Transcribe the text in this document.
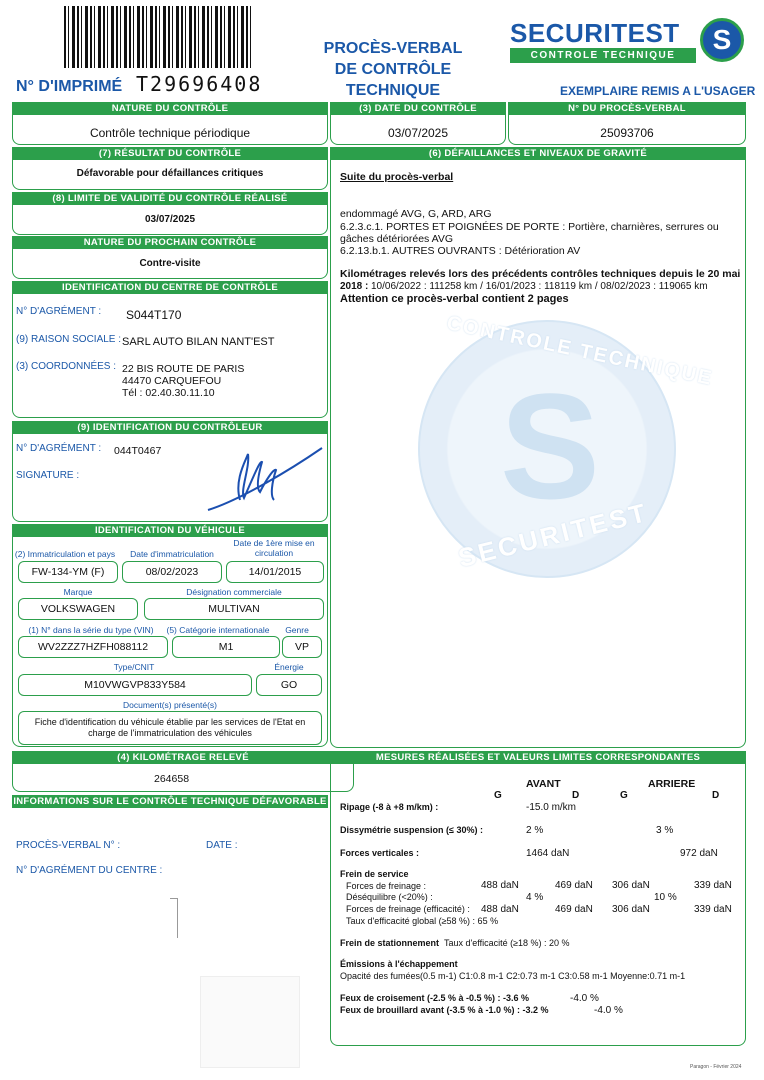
N° D'IMPRIMÉ T29696408
PROCÈS-VERBAL
DE CONTRÔLE TECHNIQUE
SECURITEST
CONTROLE TECHNIQUE
S
EXEMPLAIRE REMIS A L'USAGER
NATURE DU CONTRÔLE
Contrôle technique périodique
(3) DATE DU CONTRÔLE
03/07/2025
N° DU PROCÈS-VERBAL
25093706
(7) RÉSULTAT DU CONTRÔLE
Défavorable pour défaillances critiques
(8) LIMITE DE VALIDITÉ DU CONTRÔLE RÉALISÉ
03/07/2025
NATURE DU PROCHAIN CONTRÔLE
Contre-visite
IDENTIFICATION DU CENTRE DE CONTRÔLE
N° D'AGRÉMENT : S044T170
(9) RAISON SOCIALE : SARL AUTO BILAN NANT'EST
(3) COORDONNÉES : 22 BIS ROUTE DE PARIS
44470 CARQUEFOU
Tél : 02.40.30.11.10
(9) IDENTIFICATION DU CONTRÔLEUR
N° D'AGRÉMENT : 044T0467
SIGNATURE :
IDENTIFICATION DU VÉHICULE
(2) Immatriculation et pays	Date d'immatriculation
Date de 1ère mise en circulation
FW-134-YM (F)	08/02/2023	14/01/2015
Marque	Désignation commerciale
VOLKSWAGEN	MULTIVAN
(1) N° dans la série du type (VIN)	(5) Catégorie internationale	Genre
WV2ZZZ7HZFH088112	M1	VP
Type/CNIT	Énergie
M10VWGVP833Y584	GO
Document(s) présenté(s)
Fiche d'identification du véhicule établie par les services de l'Etat en charge de l'immatriculation des véhicules
(4) KILOMÉTRAGE RELEVÉ
264658
INFORMATIONS SUR LE CONTRÔLE TECHNIQUE DÉFAVORABLE
PROCÈS-VERBAL N° :	DATE :
N° D'AGRÉMENT DU CENTRE :
(6) DÉFAILLANCES ET NIVEAUX DE GRAVITÉ
S
CONTROLE TECHNIQUE
SECURITEST
Suite du procès-verbal
endommagé AVG, G, ARD, ARG
6.2.3.c.1. PORTES ET POIGNÉES DE PORTE : Portière, charnières, serrures ou
gâches détériorées AVG
6.2.13.b.1. AUTRES OUVRANTS : Détérioration AV
Kilométrages relevés lors des précédents contrôles techniques depuis le 20 mai
2018 : 10/06/2022 : 111258 km / 16/01/2023 : 118119 km / 08/02/2023 : 119065 km
Attention ce procès-verbal contient 2 pages
MESURES RÉALISÉES ET VALEURS LIMITES CORRESPONDANTES
AVANT	ARRIERE
G	D	G	D
Ripage (-8 à +8 m/km) :	-15.0 m/km
Dissymétrie suspension (≤ 30%) :	2 %	3 %
Forces verticales :	1464 daN	972 daN
Frein de service
Forces de freinage :	488 daN	469 daN 306 daN	339 daN
Déséquilibre (<20%) :	4 %	10 %
Forces de freinage (efficacité) : 488 daN	469 daN 306 daN	339 daN
Taux d'efficacité global (≥58 %) : 65 %
Frein de stationnement Taux d'efficacité (≥18 %) : 20 %
Émissions à l'échappement
Opacité des fumées(0.5 m-1) C1:0.8 m-1 C2:0.73 m-1 C3:0.58 m-1 Moyenne:0.71 m-1
Feux de croisement (-2.5 % à -0.5 %) : -3.6 %	-4.0 %
Feux de brouillard avant (-3.5 % à -1.0 %) : -3.2 %	-4.0 %
Paragon - Février 2024
